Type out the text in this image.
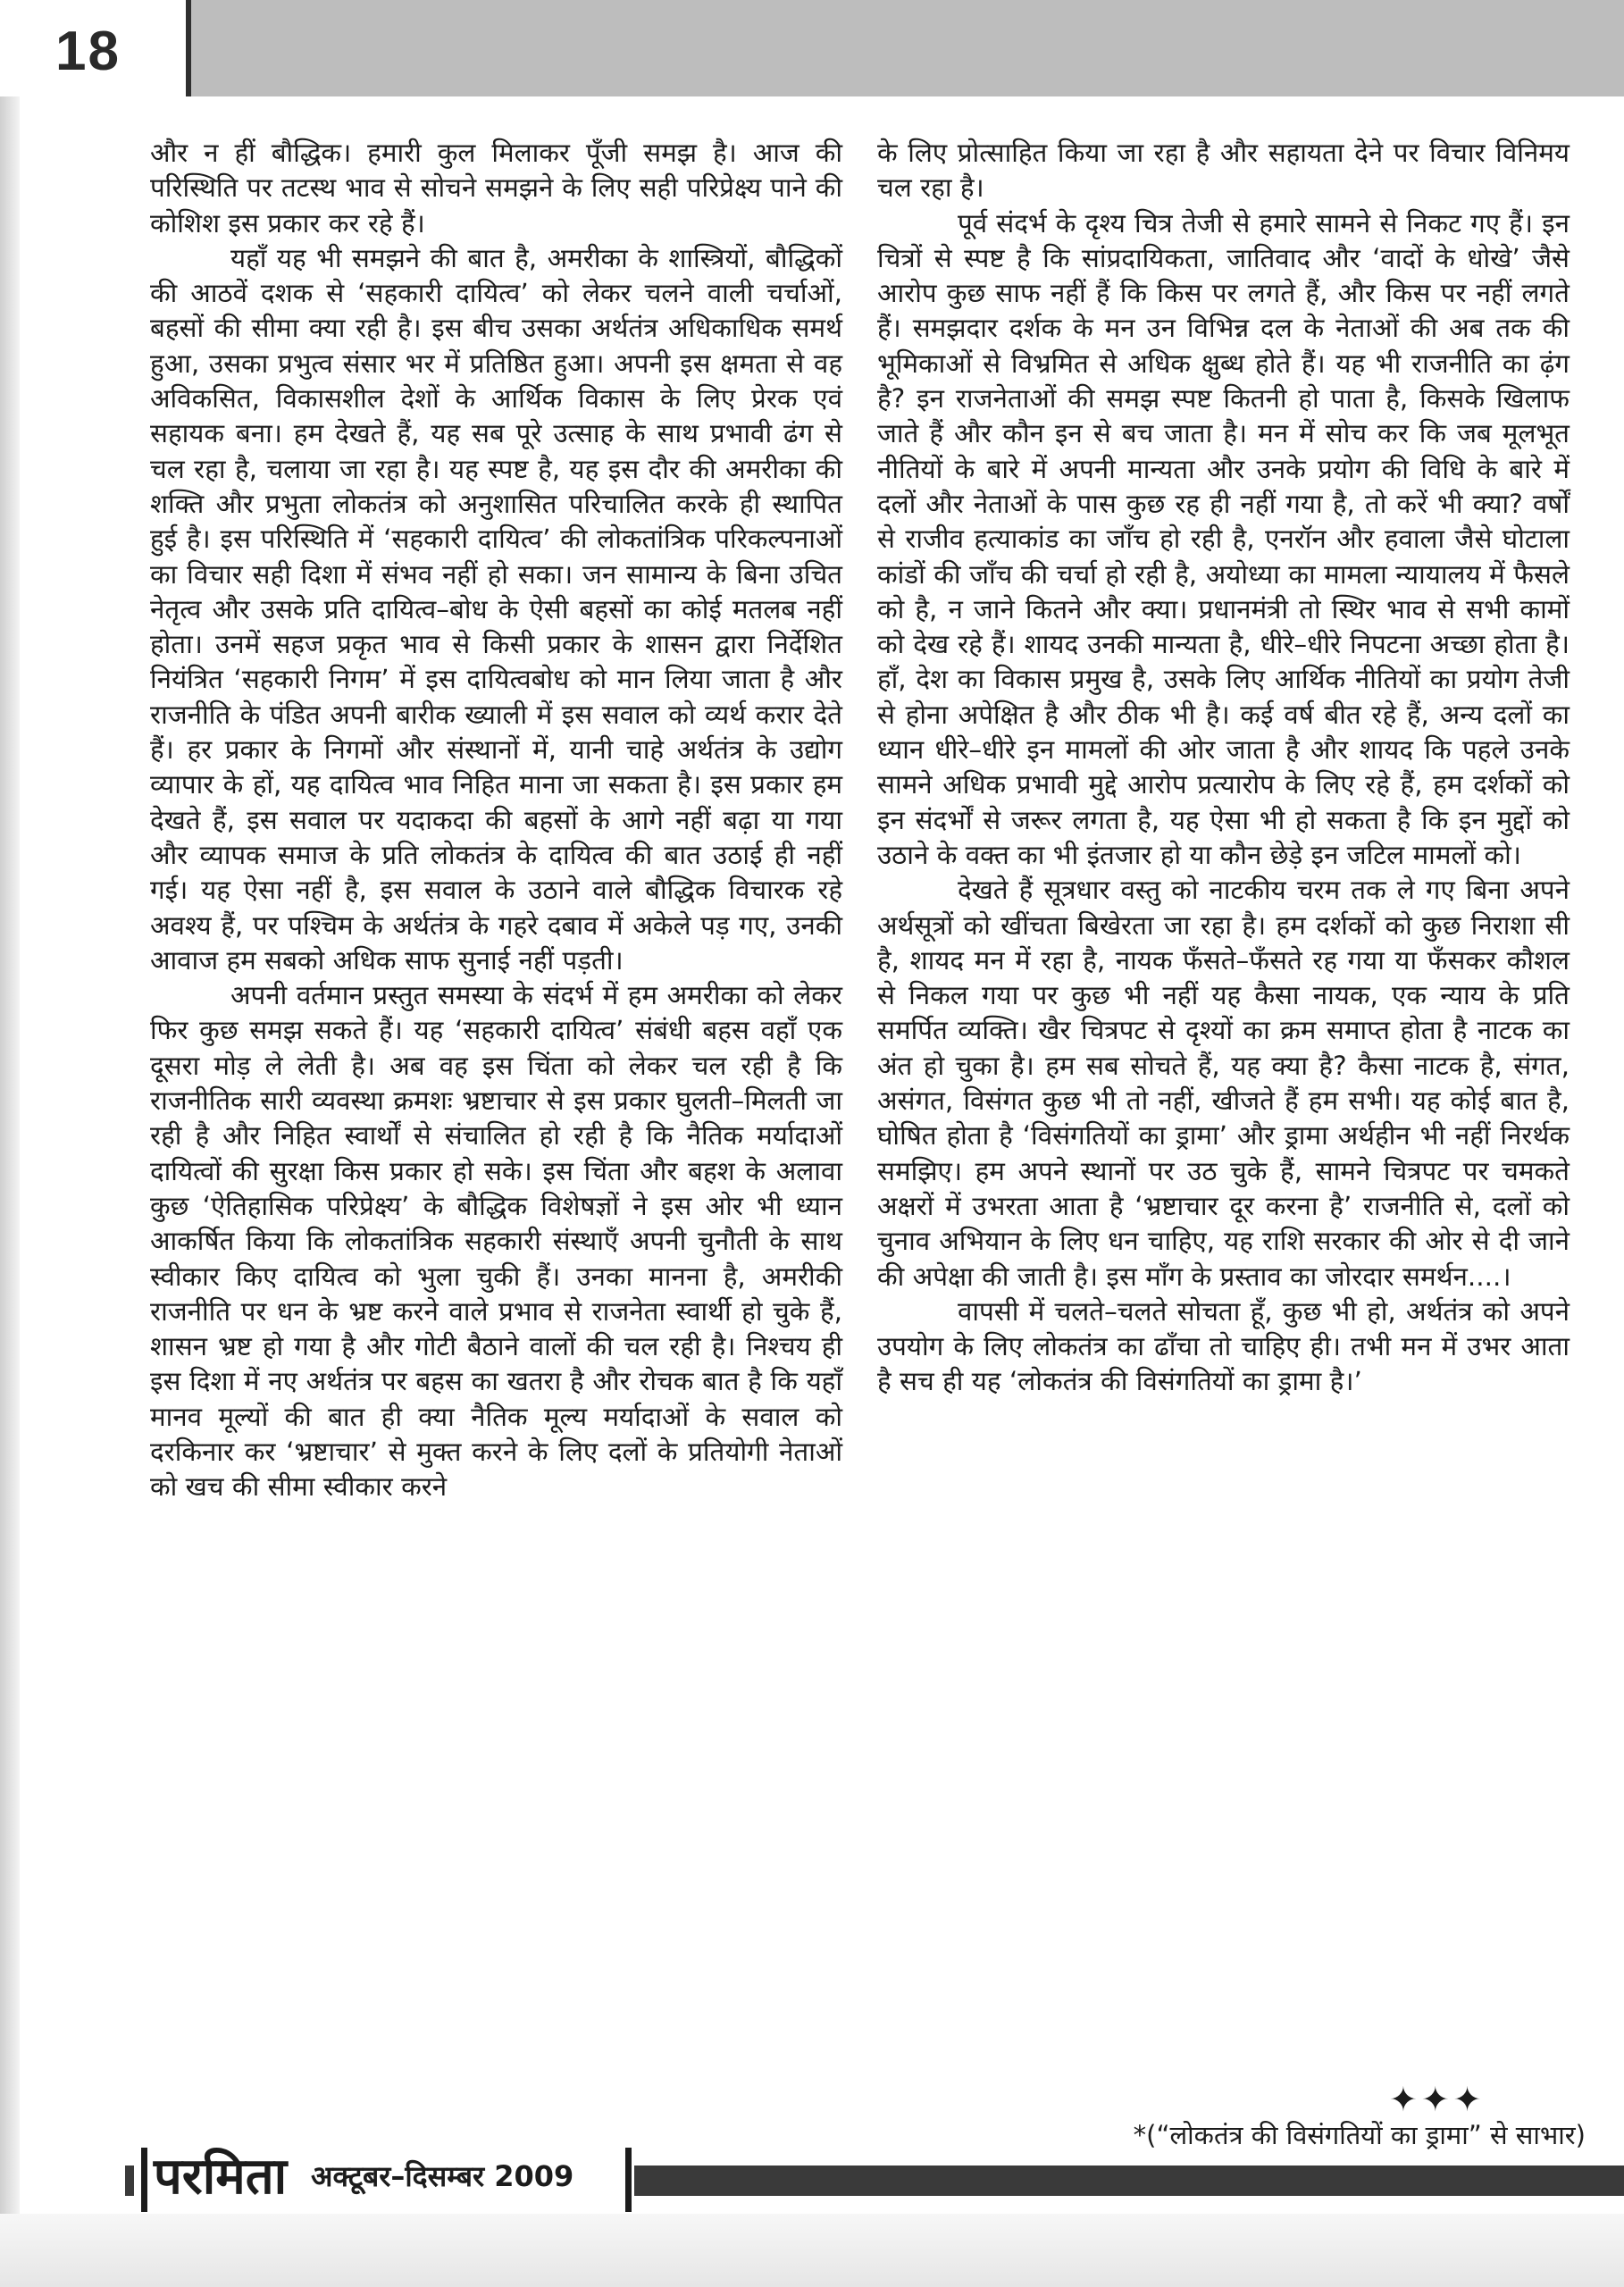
18

और न हीं बौद्धिक। हमारी कुल मिलाकर पूँजी समझ है। आज की परिस्थिति पर तटस्थ भाव से सोचने समझने के लिए सही परिप्रेक्ष्य पाने की कोशिश इस प्रकार कर रहे हैं।

यहाँ यह भी समझने की बात है, अमरीका के शास्त्रियों, बौद्धिकों की आठवें दशक से ‘सहकारी दायित्व’ को लेकर चलने वाली चर्चाओं, बहसों की सीमा क्या रही है। इस बीच उसका अर्थतंत्र अधिकाधिक समर्थ हुआ, उसका प्रभुत्व संसार भर में प्रतिष्ठित हुआ। अपनी इस क्षमता से वह अविकसित, विकासशील देशों के आर्थिक विकास के लिए प्रेरक एवं सहायक बना। हम देखते हैं, यह सब पूरे उत्साह के साथ प्रभावी ढंग से चल रहा है, चलाया जा रहा है। यह स्पष्ट है, यह इस दौर की अमरीका की शक्ति और प्रभुता लोकतंत्र को अनुशासित परिचालित करके ही स्थापित हुई है। इस परिस्थिति में ‘सहकारी दायित्व’ की लोकतांत्रिक परिकल्पनाओं का विचार सही दिशा में संभव नहीं हो सका। जन सामान्य के बिना उचित नेतृत्व और उसके प्रति दायित्व–बोध के ऐसी बहसों का कोई मतलब नहीं होता। उनमें सहज प्रकृत भाव से किसी प्रकार के शासन द्वारा निर्देशित नियंत्रित ‘सहकारी निगम’ में इस दायित्वबोध को मान लिया जाता है और राजनीति के पंडित अपनी बारीक ख्याली में इस सवाल को व्यर्थ करार देते हैं। हर प्रकार के निगमों और संस्थानों में, यानी चाहे अर्थतंत्र के उद्योग व्यापार के हों, यह दायित्व भाव निहित माना जा सकता है। इस प्रकार हम देखते हैं, इस सवाल पर यदाकदा की बहसों के आगे नहीं बढ़ा या गया और व्यापक समाज के प्रति लोकतंत्र के दायित्व की बात उठाई ही नहीं गई। यह ऐसा नहीं है, इस सवाल के उठाने वाले बौद्धिक विचारक रहे अवश्य हैं, पर पश्चिम के अर्थतंत्र के गहरे दबाव में अकेले पड़ गए, उनकी आवाज हम सबको अधिक साफ सुनाई नहीं पड़ती।

अपनी वर्तमान प्रस्तुत समस्या के संदर्भ में हम अमरीका को लेकर फिर कुछ समझ सकते हैं। यह ‘सहकारी दायित्व’ संबंधी बहस वहाँ एक दूसरा मोड़ ले लेती है। अब वह इस चिंता को लेकर चल रही है कि राजनीतिक सारी व्यवस्था क्रमशः भ्रष्टाचार से इस प्रकार घुलती–मिलती जा रही है और निहित स्वार्थों से संचालित हो रही है कि नैतिक मर्यादाओं दायित्वों की सुरक्षा किस प्रकार हो सके। इस चिंता और बहश के अलावा कुछ ‘ऐतिहासिक परिप्रेक्ष्य’ के बौद्धिक विशेषज्ञों ने इस ओर भी ध्यान आकर्षित किया कि लोकतांत्रिक सहकारी संस्थाएँ अपनी चुनौती के साथ स्वीकार किए दायित्व को भुला चुकी हैं। उनका मानना है, अमरीकी राजनीति पर धन के भ्रष्ट करने वाले प्रभाव से राजनेता स्वार्थी हो चुके हैं, शासन भ्रष्ट हो गया है और गोटी बैठाने वालों की चल रही है। निश्चय ही इस दिशा में नए अर्थतंत्र पर बहस का खतरा है और रोचक बात है कि यहाँ मानव मूल्यों की बात ही क्या नैतिक मूल्य मर्यादाओं के सवाल को दरकिनार कर ‘भ्रष्टाचार’ से मुक्त करने के लिए दलों के प्रतियोगी नेताओं को खच की सीमा स्वीकार करने

के लिए प्रोत्साहित किया जा रहा है और सहायता देने पर विचार विनिमय चल रहा है।

पूर्व संदर्भ के दृश्य चित्र तेजी से हमारे सामने से निकट गए हैं। इन चित्रों से स्पष्ट है कि सांप्रदायिकता, जातिवाद और ‘वादों के धोखे’ जैसे आरोप कुछ साफ नहीं हैं कि किस पर लगते हैं, और किस पर नहीं लगते हैं। समझदार दर्शक के मन उन विभिन्न दल के नेताओं की अब तक की भूमिकाओं से विभ्रमित से अधिक क्षुब्ध होते हैं। यह भी राजनीति का ढ़ंग है? इन राजनेताओं की समझ स्पष्ट कितनी हो पाता है, किसके खिलाफ जाते हैं और कौन इन से बच जाता है। मन में सोच कर कि जब मूलभूत नीतियों के बारे में अपनी मान्यता और उनके प्रयोग की विधि के बारे में दलों और नेताओं के पास कुछ रह ही नहीं गया है, तो करें भी क्या? वर्षों से राजीव हत्याकांड का जाँच हो रही है, एनरॉन और हवाला जैसे घोटाला कांडों की जाँच की चर्चा हो रही है, अयोध्या का मामला न्यायालय में फैसले को है, न जाने कितने और क्या। प्रधानमंत्री तो स्थिर भाव से सभी कामों को देख रहे हैं। शायद उनकी मान्यता है, धीरे–धीरे निपटना अच्छा होता है। हाँ, देश का विकास प्रमुख है, उसके लिए आर्थिक नीतियों का प्रयोग तेजी से होना अपेक्षित है और ठीक भी है। कई वर्ष बीत रहे हैं, अन्य दलों का ध्यान धीरे–धीरे इन मामलों की ओर जाता है और शायद कि पहले उनके सामने अधिक प्रभावी मुद्दे आरोप प्रत्यारोप के लिए रहे हैं, हम दर्शकों को इन संदर्भों से जरूर लगता है, यह ऐसा भी हो सकता है कि इन मुद्दों को उठाने के वक्त का भी इंतजार हो या कौन छेड़े इन जटिल मामलों को।

देखते हैं सूत्रधार वस्तु को नाटकीय चरम तक ले गए बिना अपने अर्थसूत्रों को खींचता बिखेरता जा रहा है। हम दर्शकों को कुछ निराशा सी है, शायद मन में रहा है, नायक फँसते–फँसते रह गया या फँसकर कौशल से निकल गया पर कुछ भी नहीं यह कैसा नायक, एक न्याय के प्रति समर्पित व्यक्ति। खैर चित्रपट से दृश्यों का क्रम समाप्त होता है नाटक का अंत हो चुका है। हम सब सोचते हैं, यह क्या है? कैसा नाटक है, संगत, असंगत, विसंगत कुछ भी तो नहीं, खीजते हैं हम सभी। यह कोई बात है, घोषित होता है ‘विसंगतियों का ड्रामा’ और ड्रामा अर्थहीन भी नहीं निरर्थक समझिए। हम अपने स्थानों पर उठ चुके हैं, सामने चित्रपट पर चमकते अक्षरों में उभरता आता है ‘भ्रष्टाचार दूर करना है’ राजनीति से, दलों को चुनाव अभियान के लिए धन चाहिए, यह राशि सरकार की ओर से दी जाने की अपेक्षा की जाती है। इस माँग के प्रस्ताव का जोरदार समर्थन....।

वापसी में चलते–चलते सोचता हूँ, कुछ भी हो, अर्थतंत्र को अपने उपयोग के लिए लोकतंत्र का ढाँचा तो चाहिए ही। तभी मन में उभर आता है सच ही यह ‘लोकतंत्र की विसंगतियों का ड्रामा है।’

✦✦✦
*(“लोकतंत्र की विसंगतियों का ड्रामा” से साभार)
परमिता अक्टूबर–दिसम्बर 2009
